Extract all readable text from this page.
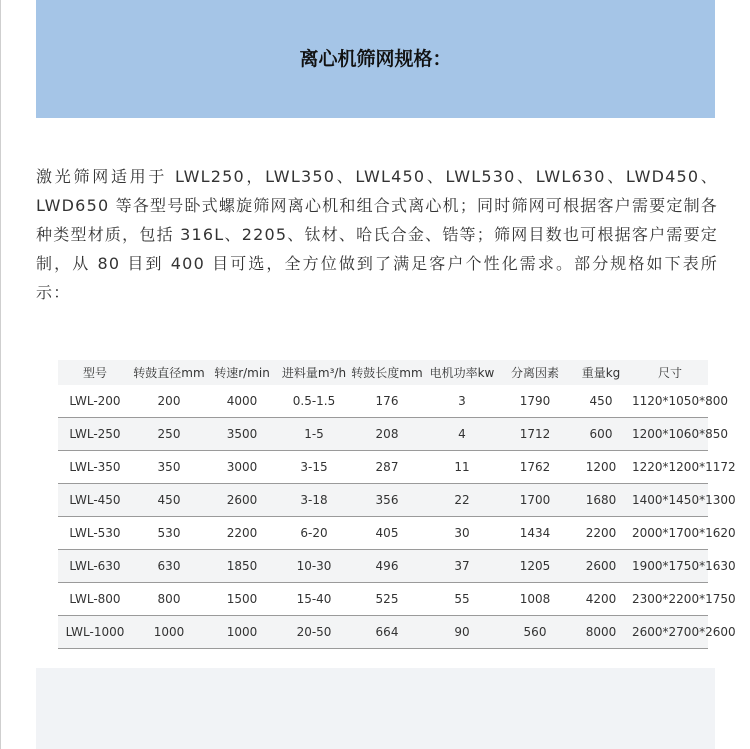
离心机筛网规格：

激光筛网适用于 LWL250，LWL350、LWL450、LWL530、LWL630、LWD450、LWD650 等各型号卧式螺旋筛网离心机和组合式离心机；同时筛网可根据客户需要定制各种类型材质，包括 316L、2205、钛材、哈氏合金、锆等；筛网目数也可根据客户需要定制，从 80 目到 400 目可选，全方位做到了满足客户个性化需求。部分规格如下表所示：

型号	转鼓直径mm	转速r/min	进料量m³/h	转鼓长度mm	电机功率kw	分离因素	重量kg	尺寸
LWL-200	200	4000	0.5-1.5	176	3	1790	450	1120*1050*800
LWL-250	250	3500	1-5	208	4	1712	600	1200*1060*850
LWL-350	350	3000	3-15	287	11	1762	1200	1220*1200*1172
LWL-450	450	2600	3-18	356	22	1700	1680	1400*1450*1300
LWL-530	530	2200	6-20	405	30	1434	2200	2000*1700*1620
LWL-630	630	1850	10-30	496	37	1205	2600	1900*1750*1630
LWL-800	800	1500	15-40	525	55	1008	4200	2300*2200*1750
LWL-1000	1000	1000	20-50	664	90	560	8000	2600*2700*2600
